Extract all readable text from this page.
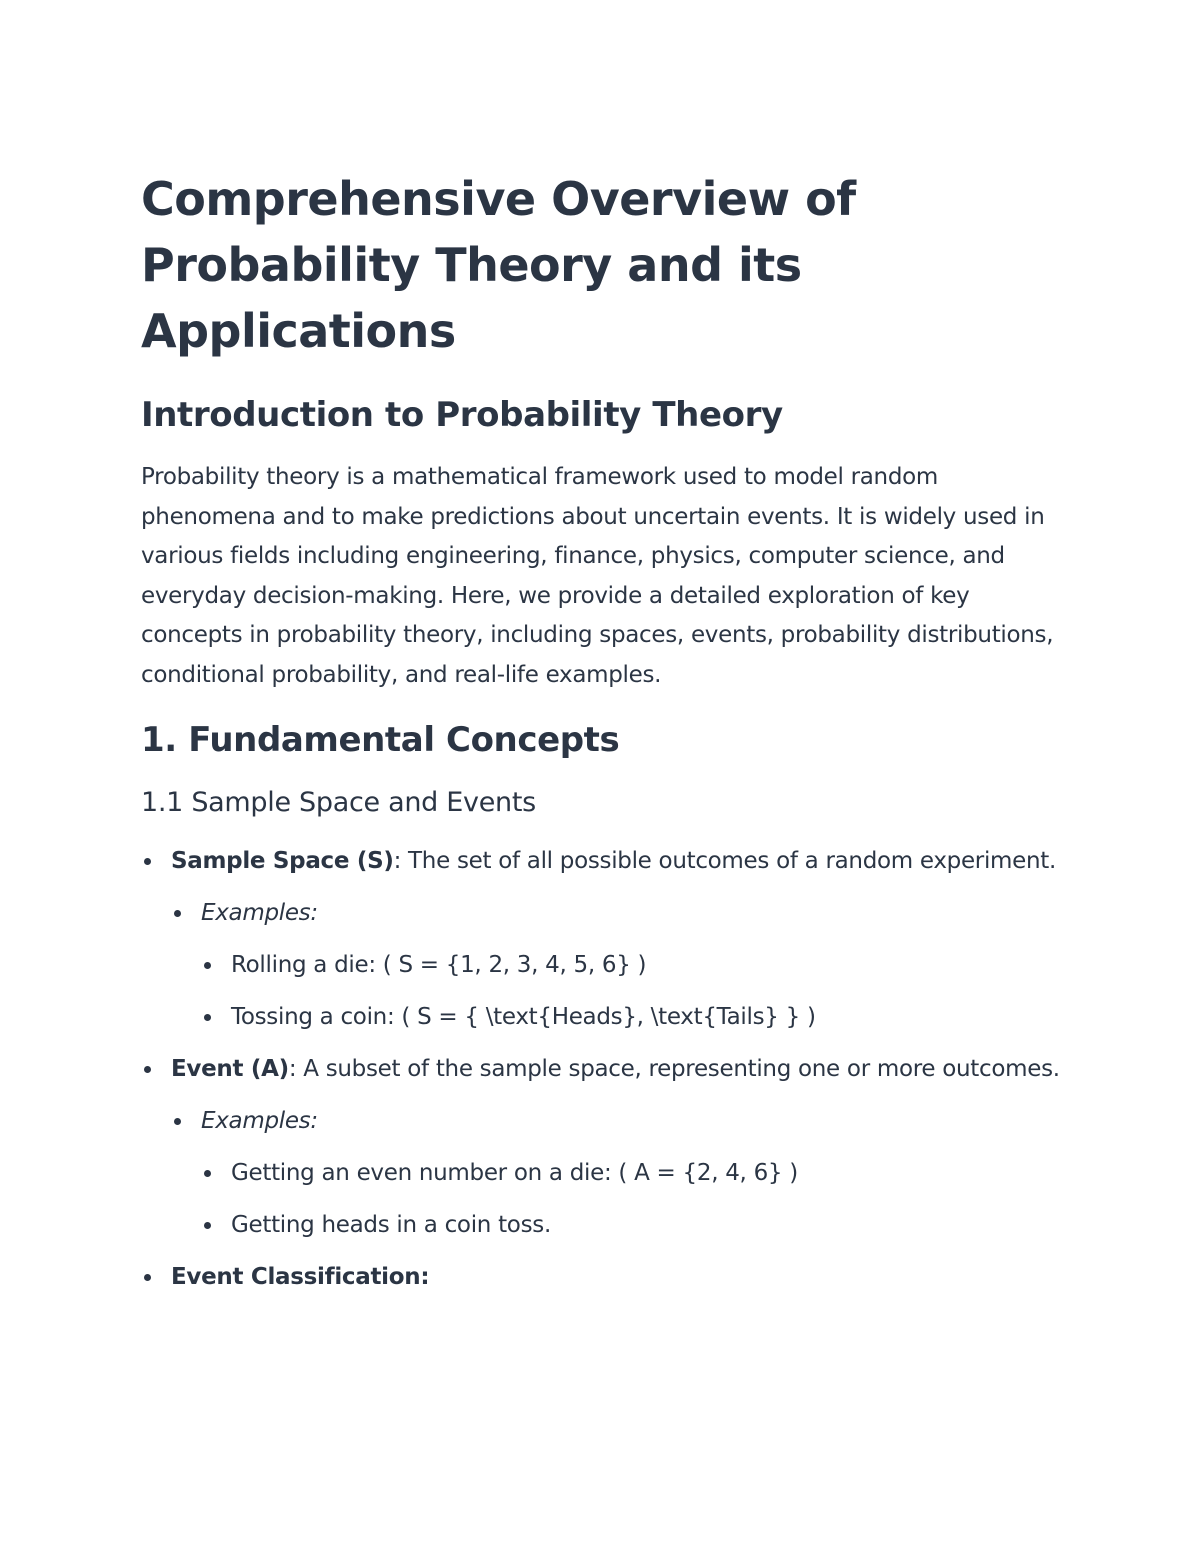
Comprehensive Overview of Probability Theory and its Applications
Introduction to Probability Theory

Probability theory is a mathematical framework used to model random phenomena and to make predictions about uncertain events. It is widely used in various fields including engineering, finance, physics, computer science, and everyday decision-making. Here, we provide a detailed exploration of key concepts in probability theory, including spaces, events, probability distributions, conditional probability, and real-life examples.

1. Fundamental Concepts
1.1 Sample Space and Events
Sample Space (S): The set of all possible outcomes of a random experiment.
Examples:
Rolling a die: ( S = {1, 2, 3, 4, 5, 6} )
Tossing a coin: ( S = { \text{Heads}, \text{Tails} } )
Event (A): A subset of the sample space, representing one or more outcomes.
Examples:
Getting an even number on a die: ( A = {2, 4, 6} )
Getting heads in a coin toss.
Event Classification:
